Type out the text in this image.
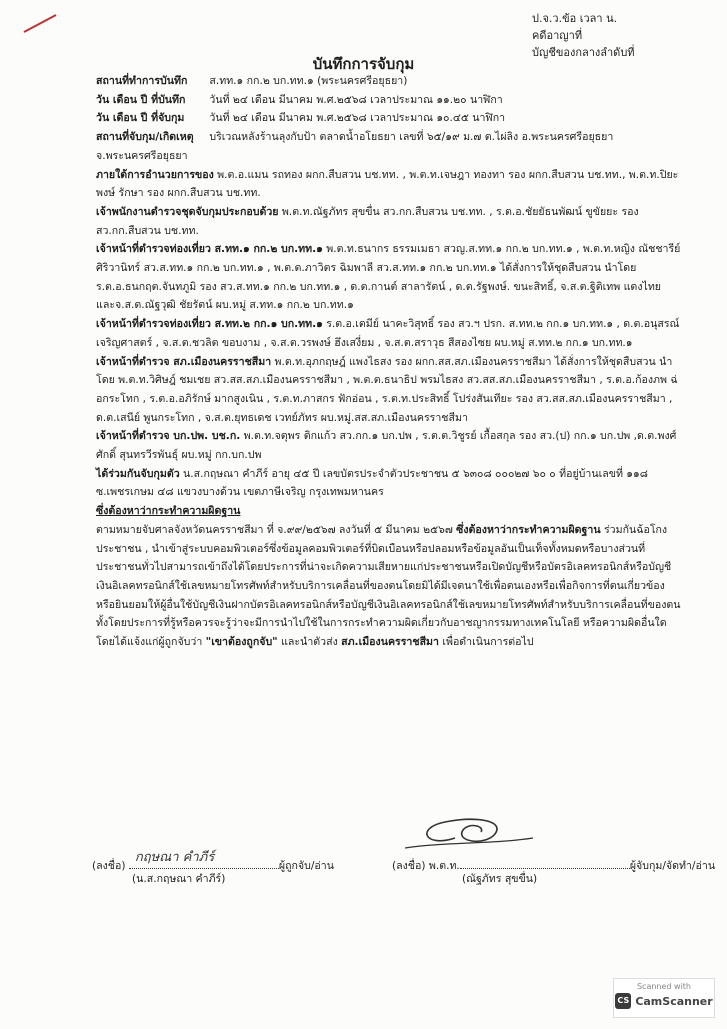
ป.จ.ว.ข้อ เวลา น.
คดีอาญาที่
บัญชีของกลางลำดับที่
บันทึกการจับกุม
สถานที่ทำการบันทึก ส.ทท.๑ กก.๒ บก.ทท.๑ (พระนครศรีอยุธยา)
วัน เดือน ปี ที่บันทึก วันที่ ๒๔ เดือน มีนาคม พ.ศ.๒๕๖๘ เวลาประมาณ ๑๑.๒๐ นาฬิกา
วัน เดือน ปี ที่จับกุม วันที่ ๒๔ เดือน มีนาคม พ.ศ.๒๕๖๘ เวลาประมาณ ๑๐.๔๕ นาฬิกา
สถานที่จับกุม/เกิดเหตุ บริเวณหลังร้านลุงกับป้า ตลาดน้ำอโยธยา เลขที่ ๖๕/๑๙ ม.๗ ต.ไผ่ลิง อ.พระนครศรีอยุธยา
จ.พระนครศรีอยุธยา
ภายใต้การอำนวยการของ พ.ต.อ.แมน รถทอง ผกก.สืบสวน บช.ทท. , พ.ต.ท.เจษฎา ทองทา รอง ผกก.สืบสวน บช.ทท., พ.ต.ท.ปิยะพงษ์ รักษา รอง ผกก.สืบสวน บช.ทท.
เจ้าพนักงานตำรวจชุดจับกุมประกอบด้วย พ.ต.ท.ณัฐภัทร สุขขื่น สว.กก.สืบสวน บช.ทท. , ร.ต.อ.ชัยยัธนพัฒน์ ขูขัยยะ รอง สว.กก.สืบสวน บช.ทท.
เจ้าหน้าที่ตำรวจท่องเที่ยว ส.ทท.๑ กก.๒ บก.ทท.๑ พ.ต.ท.ธนากร ธรรมเมธา สวญ.ส.ทท.๑ กก.๒ บก.ทท.๑ , พ.ต.ท.หญิง ณัชชารีย์ ศิริวานิทร์ สว.ส.ทท.๑ กก.๒ บก.ทท.๑ , พ.ต.ต.ภาวิตร ฉิมพาลี สว.ส.ทท.๑ กก.๒ บก.ทท.๑ ได้สั่งการให้ชุดสืบสวน นำโดย ร.ต.อ.ธนกฤต.จันทภูมิ รอง สว.ส.ทท.๑ กก.๒ บก.ทท.๑ , ด.ต.กานต์ สาลารัตน์ , ด.ต.รัฐพงษ์. ขนะสิทธิ์, จ.ส.ต.ฐิติเทพ แตงไทย และจ.ส.ต.ณัฐวุฒิ ชัยรัตน์ ผบ.หมู่ ส.ทท.๑ กก.๒ บก.ทท.๑
เจ้าหน้าที่ตำรวจท่องเที่ยว ส.ทท.๒ กก.๑ บก.ทท.๑ ร.ต.อ.เตมีย์ นาคะวิสุทธิ์ รอง สว.ฯ ปรก. ส.ทท.๒ กก.๑ บก.ทท.๑ , ด.ต.อนุสรณ์ เจริญศาสตร์ , จ.ส.ต.ชวลิต ขอบงาม , จ.ส.ต.วรพงษ์ ฮึงเสงี่ยม , จ.ส.ต.สราวุธ สีสองไซย ผบ.หมู่ ส.ทท.๒ กก.๑ บก.ทท.๑
เจ้าหน้าที่ตำรวจ สภ.เมืองนครราชสีมา พ.ต.ท.อุภกฤษฎ์ แพงไธสง รอง ผกก.สส.สภ.เมืองนครราชสีมา ได้สั่งการให้ชุดสืบสวน นำโดย พ.ต.ท.วิศิษฎ์ ชมเชย สว.สส.สภ.เมืองนครราชสีมา , พ.ต.ต.ธนาธิป พรมไธสง สว.สส.สภ.เมืองนครราชสีมา , ร.ต.อ.ก้องภพ ฉ่อกระโทก , ร.ต.อ.อภิรักษ์ มากสูงเนิน , ร.ต.ท.ภาสกร ฟักอ่อน , ร.ต.ท.ประสิทธิ์ โปร่งสันเทียะ รอง สว.สส.สภ.เมืองนครราชสีมา , ด.ต.เสนีย์ พูนกระโทก , จ.ส.ต.ยุทธเดช เวทย์ภัทร ผบ.หมู่.สส.สภ.เมืองนครราชสีมา
เจ้าหน้าที่ตำรวจ บก.ปพ. บช.ก. พ.ต.ท.จตุพร ติกแก้ว สว.กก.๑ บก.ปพ , ร.ต.ต.วิชูรย์ เกื้อสกุล รอง สว.(ป) กก.๑ บก.ปพ ,ด.ต.พงศ์ศักดิ์ สุนทรวีรพันธุ์ ผบ.หมู่ กก.บก.ปพ
ได้ร่วมกันจับกุมตัว น.ส.กฤษณา คำภีร์ อายุ ๔๕ ปี เลขบัตรประจำตัวประชาชน ๕ ๖๓๐๘ ๐๐๐๒๗ ๖๐ ๐ ที่อยู่บ้านเลขที่ ๑๑๘ ซ.เพชรเกษม ๔๘ แขวงบางด้วน เขตภาษีเจริญ กรุงเทพมหานคร
ซึ่งต้องหาว่ากระทำความผิดฐาน
ตามหมายจับศาลจังหวัดนครราชสีมา ที่ จ.๙๙/๒๕๖๗ ลงวันที่ ๕ มีนาคม ๒๕๖๗ ซึ่งต้องหาว่ากระทำความผิดฐาน ร่วมกันฉ้อโกงประชาชน , นำเข้าสู่ระบบคอมพิวเตอร์ซึ่งข้อมูลคอมพิวเตอร์ที่บิดเบือนหรือปลอมหรือข้อมูลอันเป็นเท็จทั้งหมดหรือบางส่วนที่ประชาชนทั่วไปสามารถเข้าถึงได้โดยประการที่น่าจะเกิดความเสียหายแก่ประชาชนหรือเปิดบัญชีหรือบัตรอิเลคทรอนิกส์หรือบัญชีเงินอิเลคทรอนิกส์ใช้เลขหมายโทรศัพท์สำหรับบริการเคลื่อนที่ของตนโดยมิได้มีเจตนาใช้เพื่อตนเองหรือเพื่อกิจการที่ตนเกี่ยวข้องหรือยินยอมให้ผู้อื่นใช้บัญชีเงินฝากบัตรอิเลคทรอนิกส์หรือบัญชีเงินอิเลคทรอนิกส์ใช้เลขหมายโทรศัพท์สำหรับบริการเคลื่อนที่ของตนทั้งโดยประการที่รู้หรือควรจะรู้ว่าจะมีการนำไปใช้ในการกระทำความผิดเกี่ยวกับอาชญากรรมทางเทคโนโลยี หรือความผิดอื่นใด โดยได้แจ้งแก่ผู้ถูกจับว่า "เขาต้องถูกจับ" และนำตัวส่ง สภ.เมืองนครราชสีมา เพื่อดำเนินการต่อไป
(ลงชื่อ)
กฤษณา คำภีร์
ผู้ถูกจับ/อ่าน	(ลงชื่อ) พ.ต.ท.	ผู้จับกุม/จัดทำ/อ่าน
(น.ส.กฤษณา คำภีร์)	(ณัฐภัทร สุขขื่น)
Scanned with
CS CamScanner
